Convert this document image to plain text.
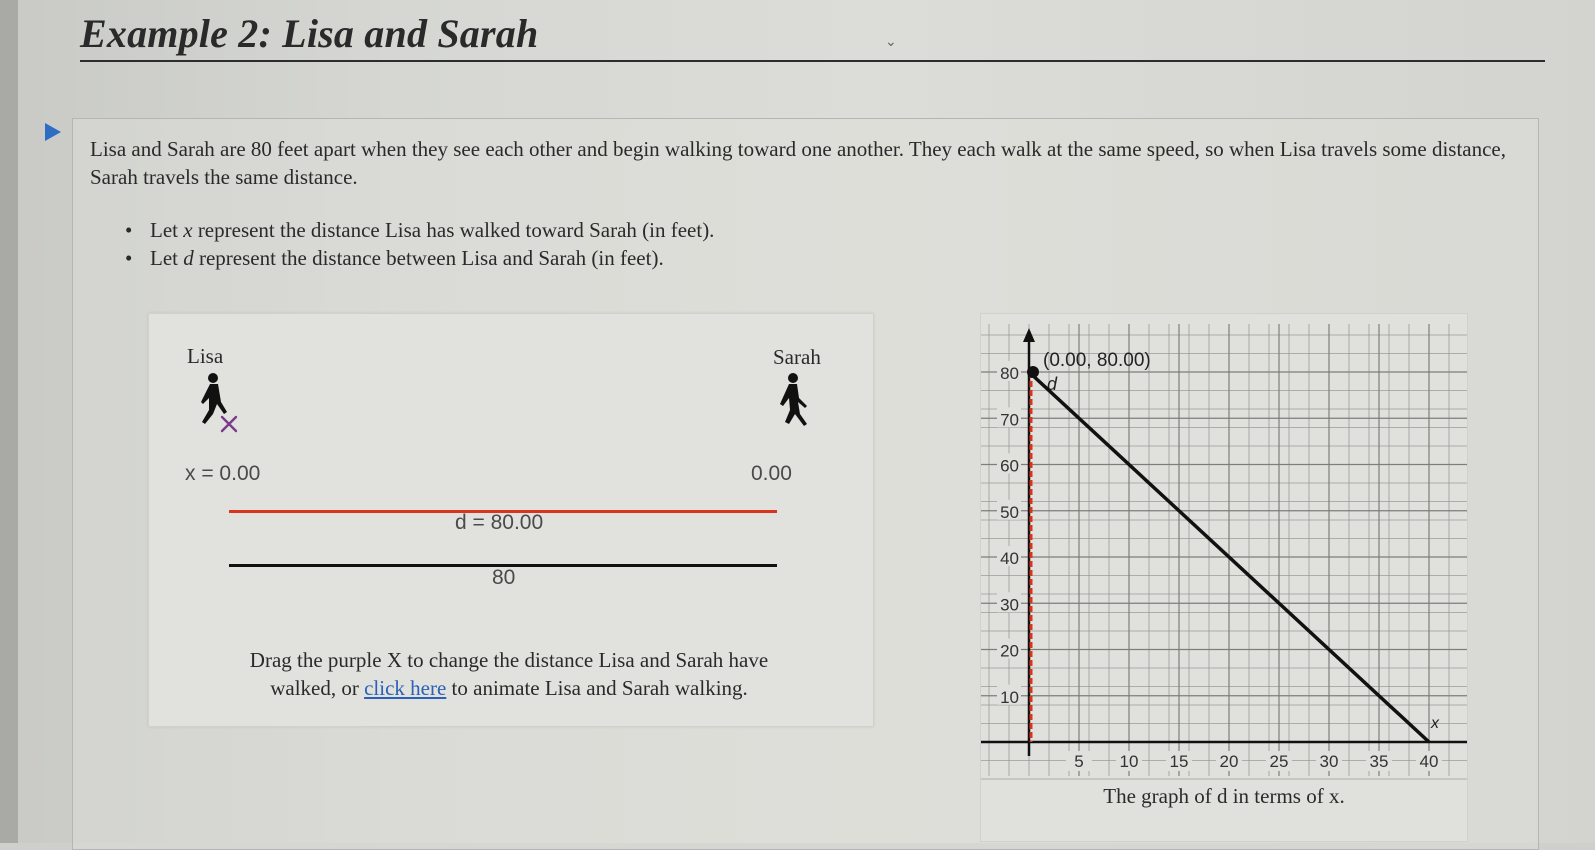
Example 2: Lisa and Sarah	⌄
Lisa and Sarah are 80 feet apart when they see each other and begin walking toward one another. They each walk at the same speed, so when Lisa travels some distance, Sarah travels the same distance.
• Let x represent the distance Lisa has walked toward Sarah (in feet).
• Let d represent the distance between Lisa and Sarah (in feet).
Lisa	Sarah
x = 0.00	0.00
d = 80.00
80
Drag the purple X to change the distance Lisa and Sarah have
walked, or click here to animate Lisa and Sarah walking.	10
20
30
40
50
60
70
80
5 10 15 20 25 30 35 40
d
x
(0.00, 80.00)
The graph of d in terms of x.
